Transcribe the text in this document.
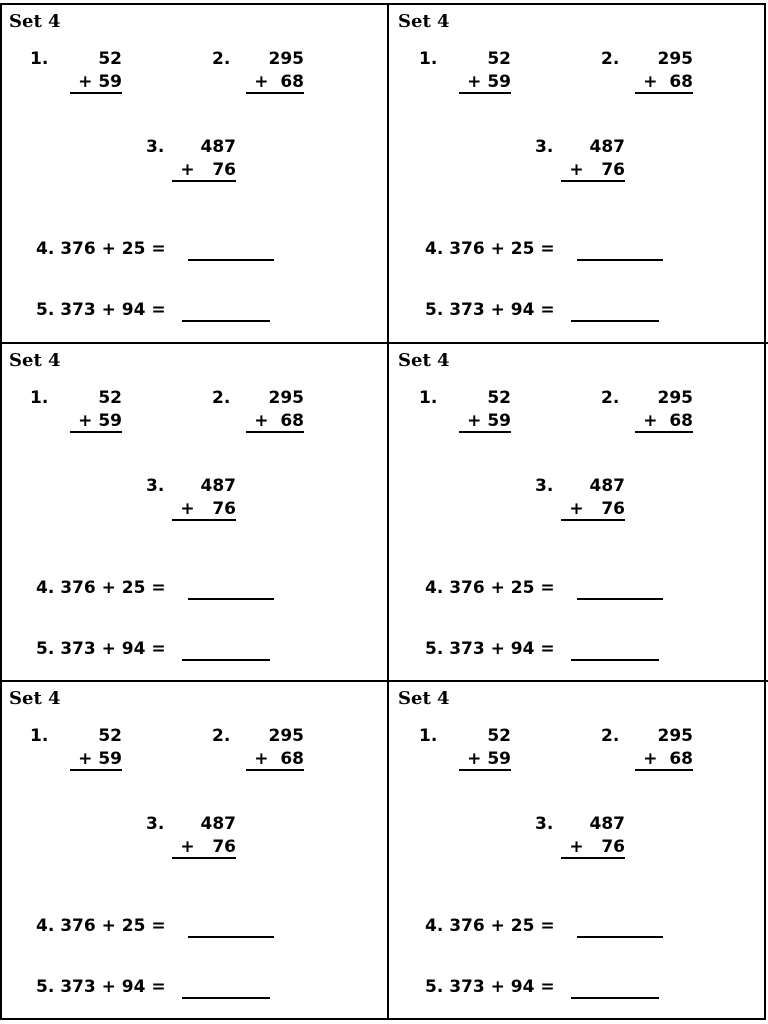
Set 4
1.	52
+ 59
2.	295
+  68
3.	487
+   76
4. 376 + 25 =
5. 373 + 94 =
Set 4
1.	52
+ 59
2.	295
+  68
3.	487
+   76
4. 376 + 25 =
5. 373 + 94 =
Set 4
1.	52
+ 59
2.	295
+  68
3.	487
+   76
4. 376 + 25 =
5. 373 + 94 =
Set 4
1.	52
+ 59
2.	295
+  68
3.	487
+   76
4. 376 + 25 =
5. 373 + 94 =
Set 4
1.	52
+ 59
2.	295
+  68
3.	487
+   76
4. 376 + 25 =
5. 373 + 94 =
Set 4
1.	52
+ 59
2.	295
+  68
3.	487
+   76
4. 376 + 25 =
5. 373 + 94 =
